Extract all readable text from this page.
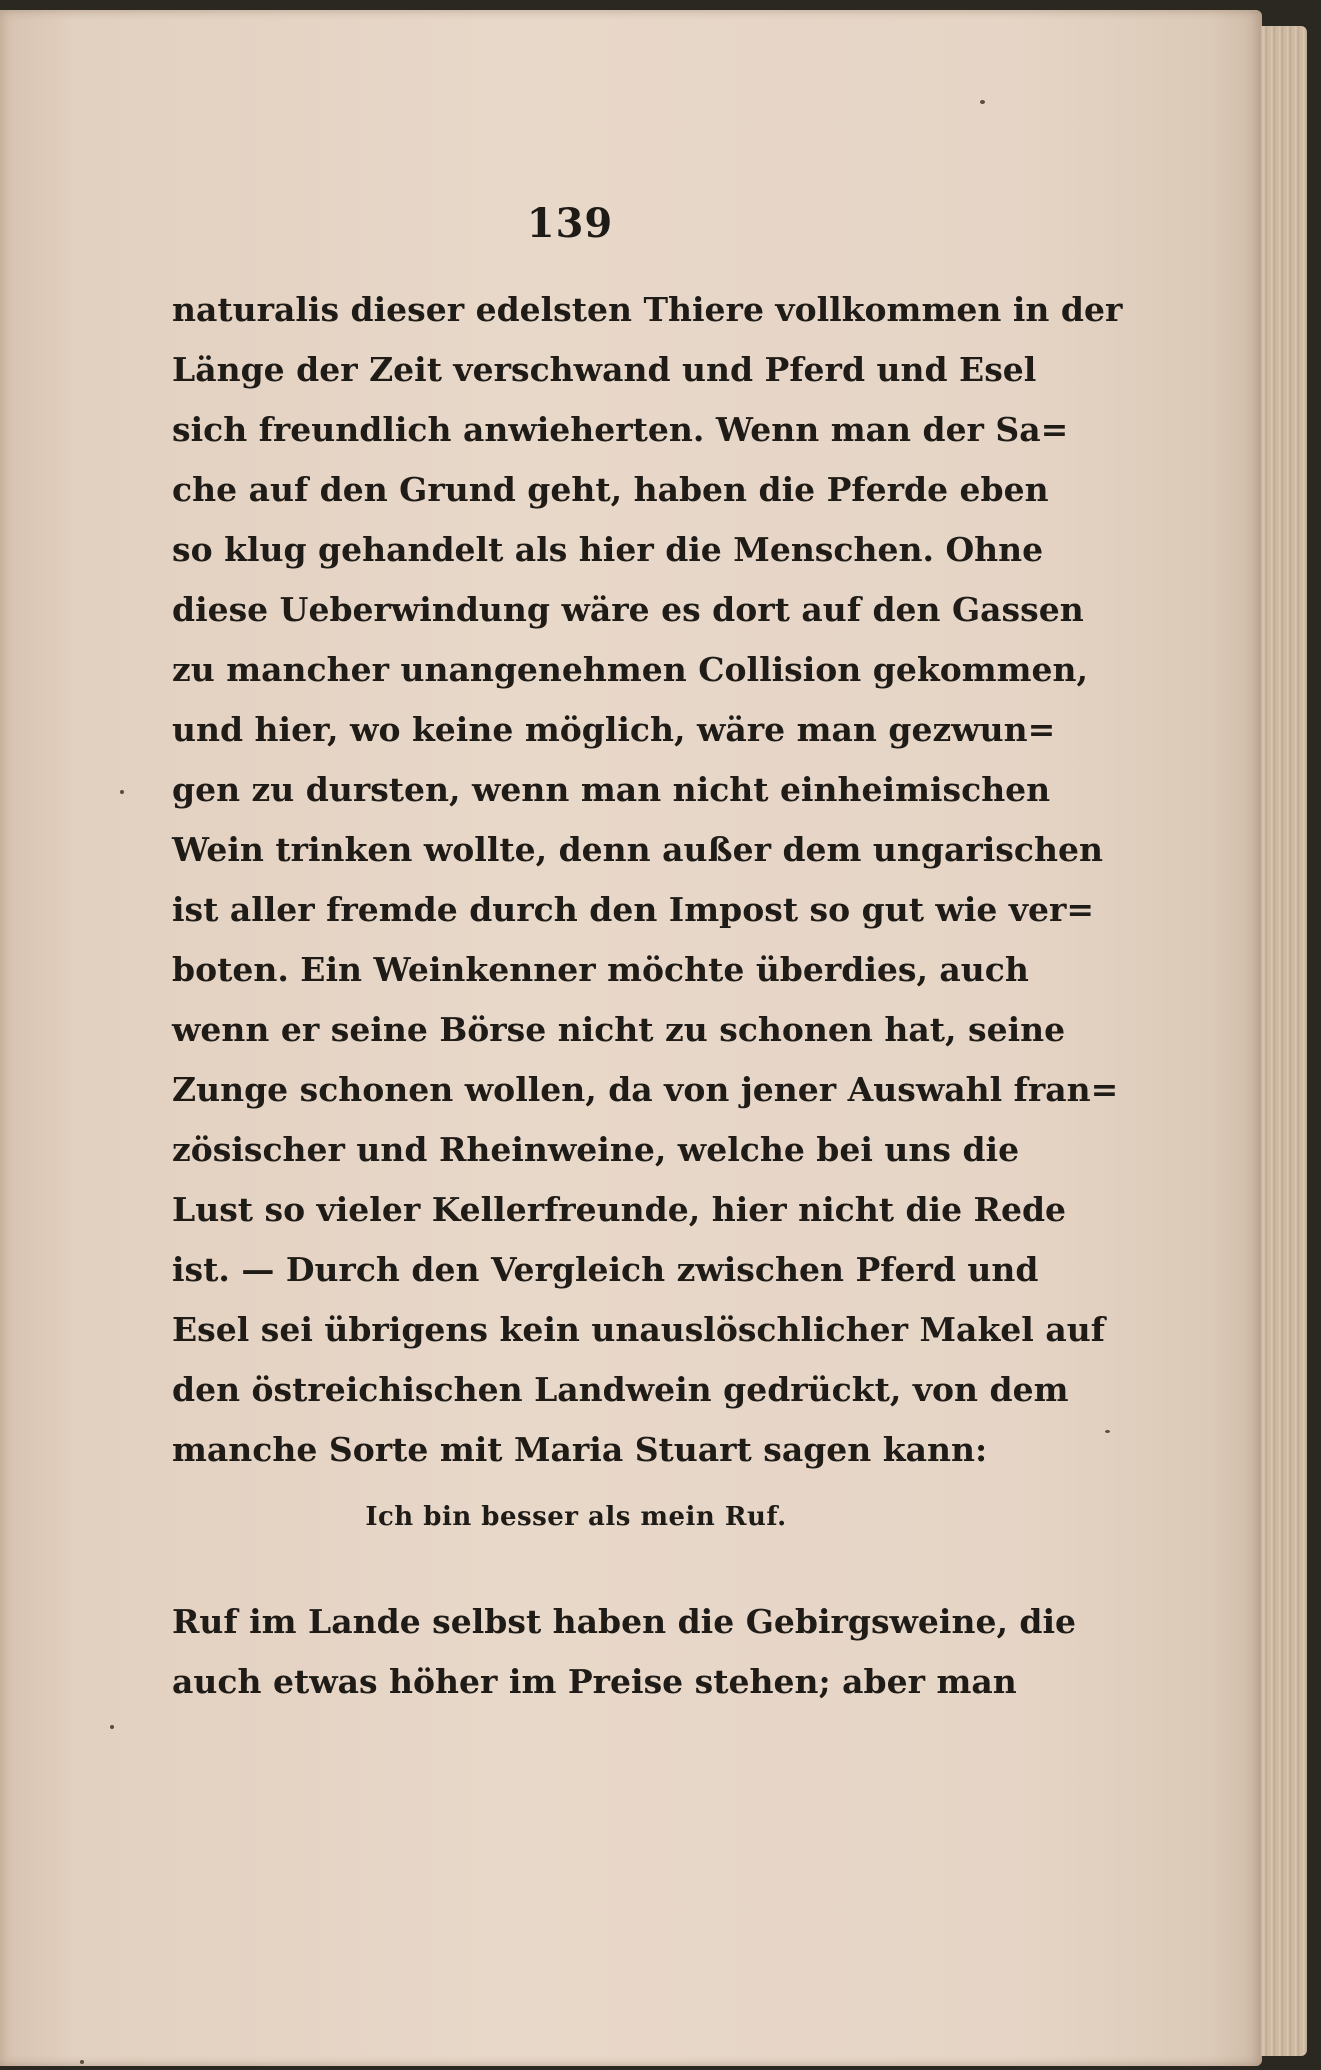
139
naturalis dieser edelsten Thiere vollkommen in der
Länge der Zeit verschwand und Pferd und Esel
sich freundlich anwieherten. Wenn man der Sa=
che auf den Grund geht, haben die Pferde eben
so klug gehandelt als hier die Menschen. Ohne
diese Ueberwindung wäre es dort auf den Gassen
zu mancher unangenehmen Collision gekommen,
und hier, wo keine möglich, wäre man gezwun=
gen zu dursten, wenn man nicht einheimischen
Wein trinken wollte, denn außer dem ungarischen
ist aller fremde durch den Impost so gut wie ver=
boten. Ein Weinkenner möchte überdies, auch
wenn er seine Börse nicht zu schonen hat, seine
Zunge schonen wollen, da von jener Auswahl fran=
zösischer und Rheinweine, welche bei uns die
Lust so vieler Kellerfreunde, hier nicht die Rede
ist. — Durch den Vergleich zwischen Pferd und
Esel sei übrigens kein unauslöschlicher Makel auf
den östreichischen Landwein gedrückt, von dem
manche Sorte mit Maria Stuart sagen kann:
Ich bin besser als mein Ruf.
Ruf im Lande selbst haben die Gebirgsweine, die
auch etwas höher im Preise stehen; aber man
